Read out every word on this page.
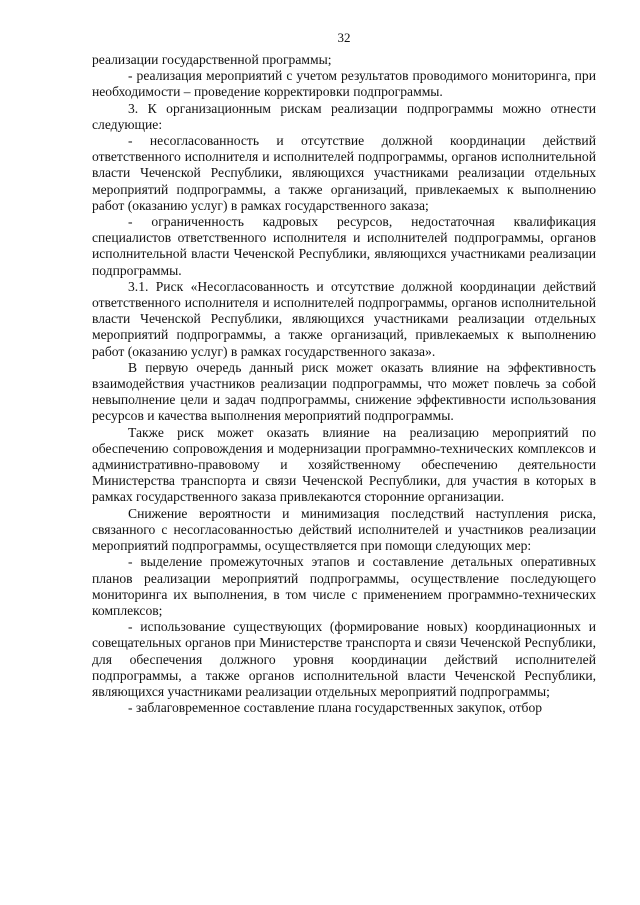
32

реализации государственной программы;

- реализация мероприятий с учетом результатов проводимого мониторинга, при необходимости – проведение корректировки подпрограммы.

3. К организационным рискам реализации подпрограммы можно отнести следующие:

- несогласованность и отсутствие должной координации действий ответственного исполнителя и исполнителей подпрограммы, органов исполнительной власти Чеченской Республики, являющихся участниками реализации отдельных мероприятий подпрограммы, а также организаций, привлекаемых к выполнению работ (оказанию услуг) в рамках государственного заказа;

- ограниченность кадровых ресурсов, недостаточная квалификация специалистов ответственного исполнителя и исполнителей подпрограммы, органов исполнительной власти Чеченской Республики, являющихся участниками реализации подпрограммы.

3.1. Риск «Несогласованность и отсутствие должной координации действий ответственного исполнителя и исполнителей подпрограммы, органов исполнительной власти Чеченской Республики, являющихся участниками реализации отдельных мероприятий подпрограммы, а также организаций, привлекаемых к выполнению работ (оказанию услуг) в рамках государственного заказа».

В первую очередь данный риск может оказать влияние на эффективность взаимодействия участников реализации подпрограммы, что может повлечь за собой невыполнение цели и задач подпрограммы, снижение эффективности использования ресурсов и качества выполнения мероприятий подпрограммы.

Также риск может оказать влияние на реализацию мероприятий по обеспечению сопровождения и модернизации программно-технических комплексов и административно-правовому и хозяйственному обеспечению деятельности Министерства транспорта и связи Чеченской Республики, для участия в которых в рамках государственного заказа привлекаются сторонние организации.

Снижение вероятности и минимизация последствий наступления риска, связанного с несогласованностью действий исполнителей и участников реализации мероприятий подпрограммы, осуществляется при помощи следующих мер:

- выделение промежуточных этапов и составление детальных оперативных планов реализации мероприятий подпрограммы, осуществление последующего мониторинга их выполнения, в том числе с применением программно-технических комплексов;

- использование существующих (формирование новых) координационных и совещательных органов при Министерстве транспорта и связи Чеченской Республики, для обеспечения должного уровня координации действий исполнителей подпрограммы, а также органов исполнительной власти Чеченской Республики, являющихся участниками реализации отдельных мероприятий подпрограммы;

- заблаговременное составление плана государственных закупок, отбор
